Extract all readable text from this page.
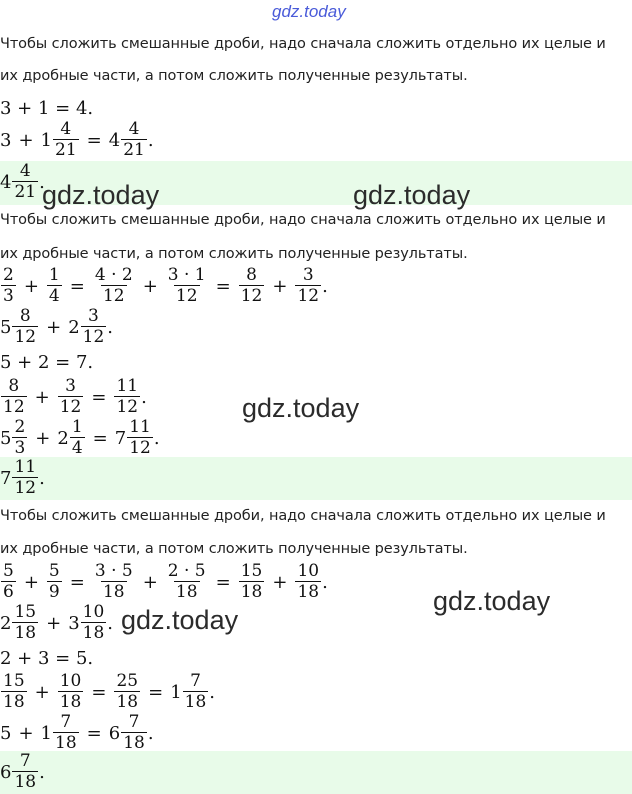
gdz.today
Чтобы сложить смешанные дроби, надо сначала сложить отдельно их целые и
их дробные части, а потом сложить полученные результаты.
3 + 1 = 4.
$3 + 1 \frac{4}{21} = 4 \frac{4}{21}$ .
$4 \frac{4}{21}$ .
gdz.today	gdz.today
Чтобы сложить смешанные дроби, надо сначала сложить отдельно их целые и
их дробные части, а потом сложить полученные результаты.
$\frac{2}{3} + \frac{1}{4} = \frac{4 \cdot 2}{12} + \frac{3 \cdot 1}{12} = \frac{8}{12} + \frac{3}{12}$ .
$5 \frac{8}{12} + 2 \frac{3}{12}$ .
5 + 2 = 7.
$\frac{8}{12} + \frac{3}{12} = \frac{11}{12}$ .
$5 \frac{2}{3} + 2 \frac{1}{4} = 7 \frac{11}{12}$ .
$7 \frac{11}{12}$ .
gdz.today
Чтобы сложить смешанные дроби, надо сначала сложить отдельно их целые и
их дробные части, а потом сложить полученные результаты.
$\frac{5}{6} + \frac{5}{9} = \frac{3 \cdot 5}{18} + \frac{2 \cdot 5}{18} = \frac{15}{18} + \frac{10}{18}$ .
$2 \frac{15}{18} + 3 \frac{10}{18}$ .
2 + 3 = 5.
$\frac{15}{18} + \frac{10}{18} = \frac{25}{18} = 1 \frac{7}{18}$ .
$5 + 1 \frac{7}{18} = 6 \frac{7}{18}$ .
$6 \frac{7}{18}$ .
gdz.today
gdz.today
